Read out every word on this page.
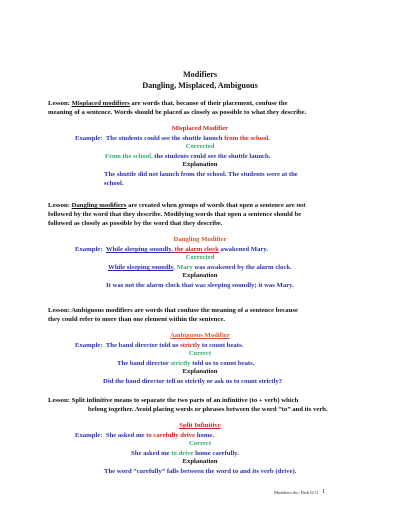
Modifiers
Dangling, Misplaced, Ambiguous
Lesson: Misplaced modifiers are words that, because of their placement, confuse the
meaning of a sentence. Words should be placed as closely as possible to what they describe.
Misplaced Modifier
Example: The students could see the shuttle launch from the school.
Corrected
From the school, the students could see the shuttle launch.
Explanation
The shuttle did not launch from the school. The students were at the
school.
Lesson: Dangling modifiers are created when groups of words that open a sentence are not
followed by the word that they describe. Modifying words that open a sentence should be
followed as closely as possible by the word that they describe.
Dangling Modifier
Example: While sleeping soundly, the alarm clock awakened Mary.
Corrected
While sleeping soundly, Mary was awakened by the alarm clock.
Explanation
It was not the alarm clock that was sleeping soundly; it was Mary.
Lesson: Ambiguous modifiers are words that confuse the meaning of a sentence because
they could refer to more than one element within the sentence.
Ambiguous Modifier
Example: The band director told us strictly to count beats.
Correct
The band director strictly told us to count beats.
Explanation
Did the band director tell us strictly or ask us to count strictly?
Lesson: Split infinitive means to separate the two parts of an infinitive (to + verb) which
belong together. Avoid placing words or phrases between the word “to” and its verb.
Split Infinitive
Example: She asked me to carefully drive home.
Correct
She asked me to drive home carefully.
Explanation
The word “carefully” falls between the word to and its verb (drive).
Modifiers.doc Dick 6/11 1
